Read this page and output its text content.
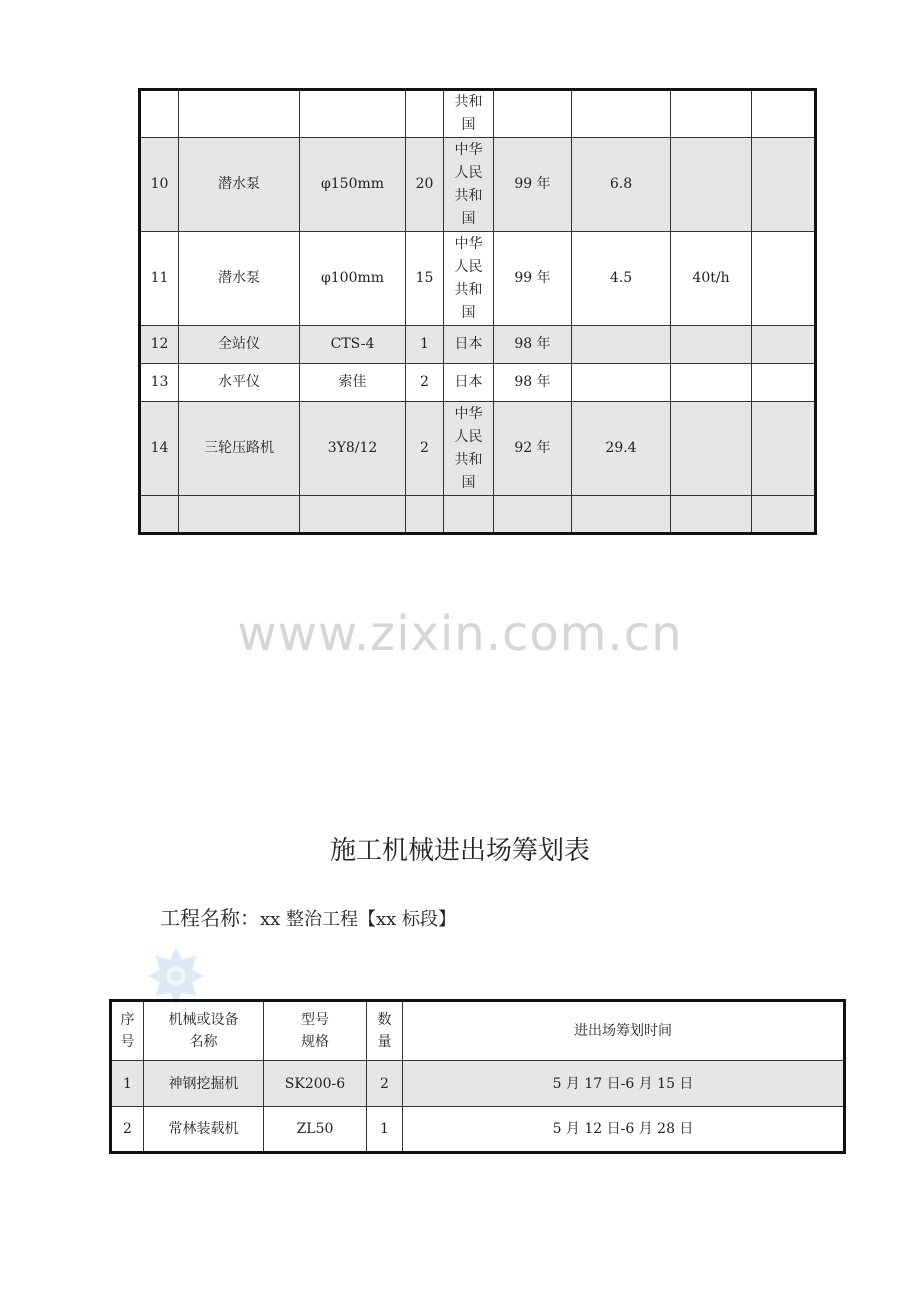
				共和
国				
10	潜水泵	φ150mm	20	中华
人民
共和
国	99 年	6.8		
11	潜水泵	φ100mm	15	中华
人民
共和
国	99 年	4.5	40t/h	
12	全站仪	CTS-4	1	日本	98 年			
13	水平仪	索佳	2	日本	98 年			
14	三轮压路机	3Y8/12	2	中华
人民
共和
国	92 年	29.4		

www.zixin.com.cn
施工机械进出场筹划表
工程名称：xx 整治工程【xx 标段】
序
号	机械或设备
名称	型号
规格	数
量	进出场筹划时间
1	神钢挖掘机	SK200-6	2	5 月 17 日-6 月 15 日
2	常林装载机	ZL50	1	5 月 12 日-6 月 28 日
